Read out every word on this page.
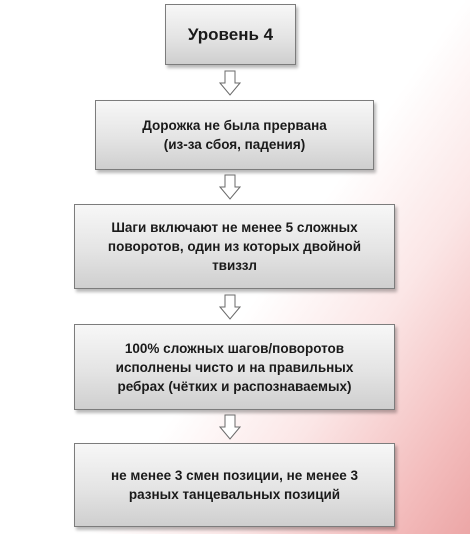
Уровень 4
Дорожка не была прервана
(из-за сбоя, падения)
Шаги включают не менее 5 сложных
поворотов, один из которых двойной
твиззл
100% сложных шагов/поворотов
исполнены чисто и на правильных
ребрах (чётких и распознаваемых)
не менее 3 смен позиции, не менее 3
разных танцевальных позиций
